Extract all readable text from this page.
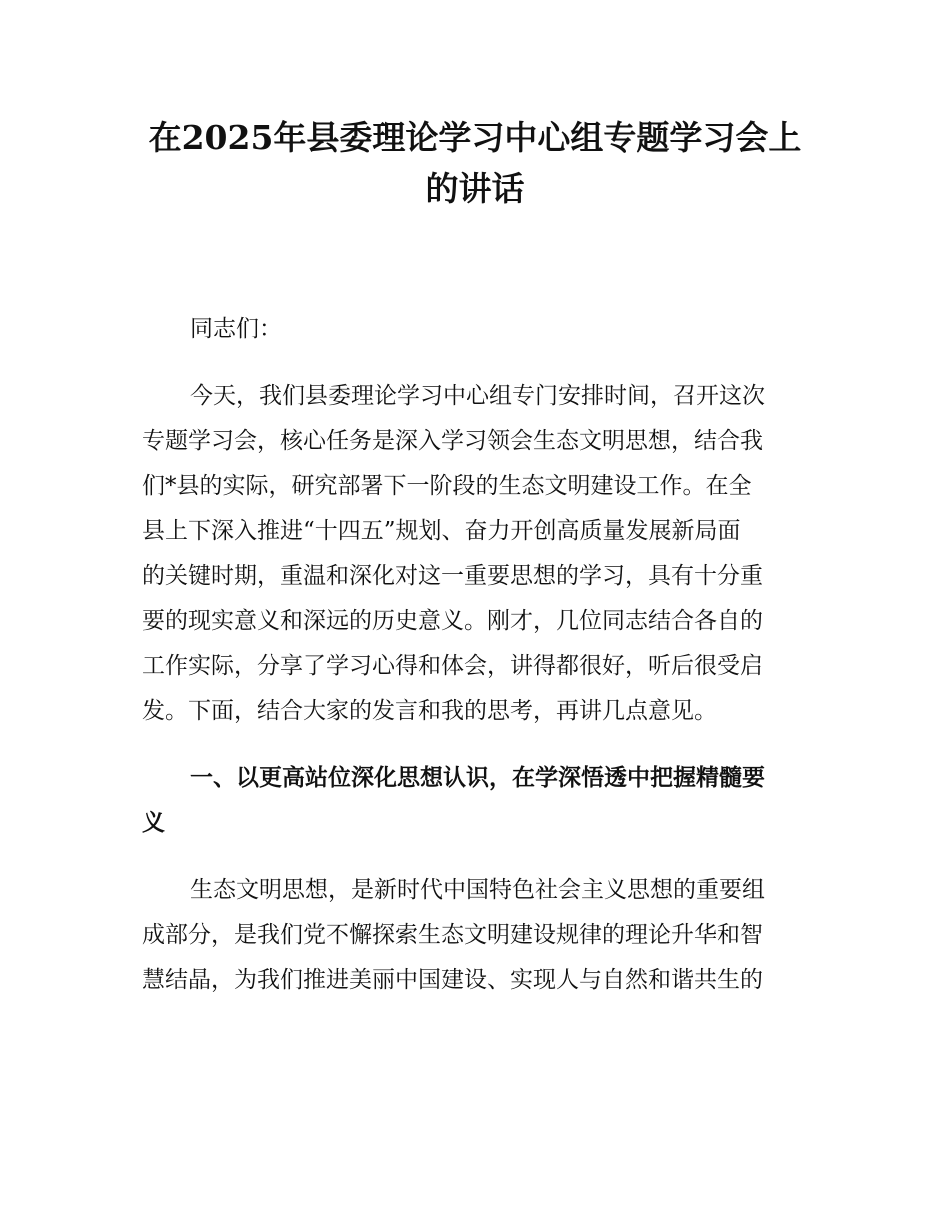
在2025年县委理论学习中心组专题学习会上
的讲话
同志们：
今天，我们县委理论学习中心组专门安排时间，召开这次
专题学习会，核心任务是深入学习领会生态文明思想，结合我
们*县的实际，研究部署下一阶段的生态文明建设工作。在全
县上下深入推进“十四五”规划、奋力开创高质量发展新局面
的关键时期，重温和深化对这一重要思想的学习，具有十分重
要的现实意义和深远的历史意义。刚才，几位同志结合各自的
工作实际，分享了学习心得和体会，讲得都很好，听后很受启
发。下面，结合大家的发言和我的思考，再讲几点意见。
一、以更高站位深化思想认识，在学深悟透中把握精髓要
义
生态文明思想，是新时代中国特色社会主义思想的重要组
成部分，是我们党不懈探索生态文明建设规律的理论升华和智
慧结晶，为我们推进美丽中国建设、实现人与自然和谐共生的
